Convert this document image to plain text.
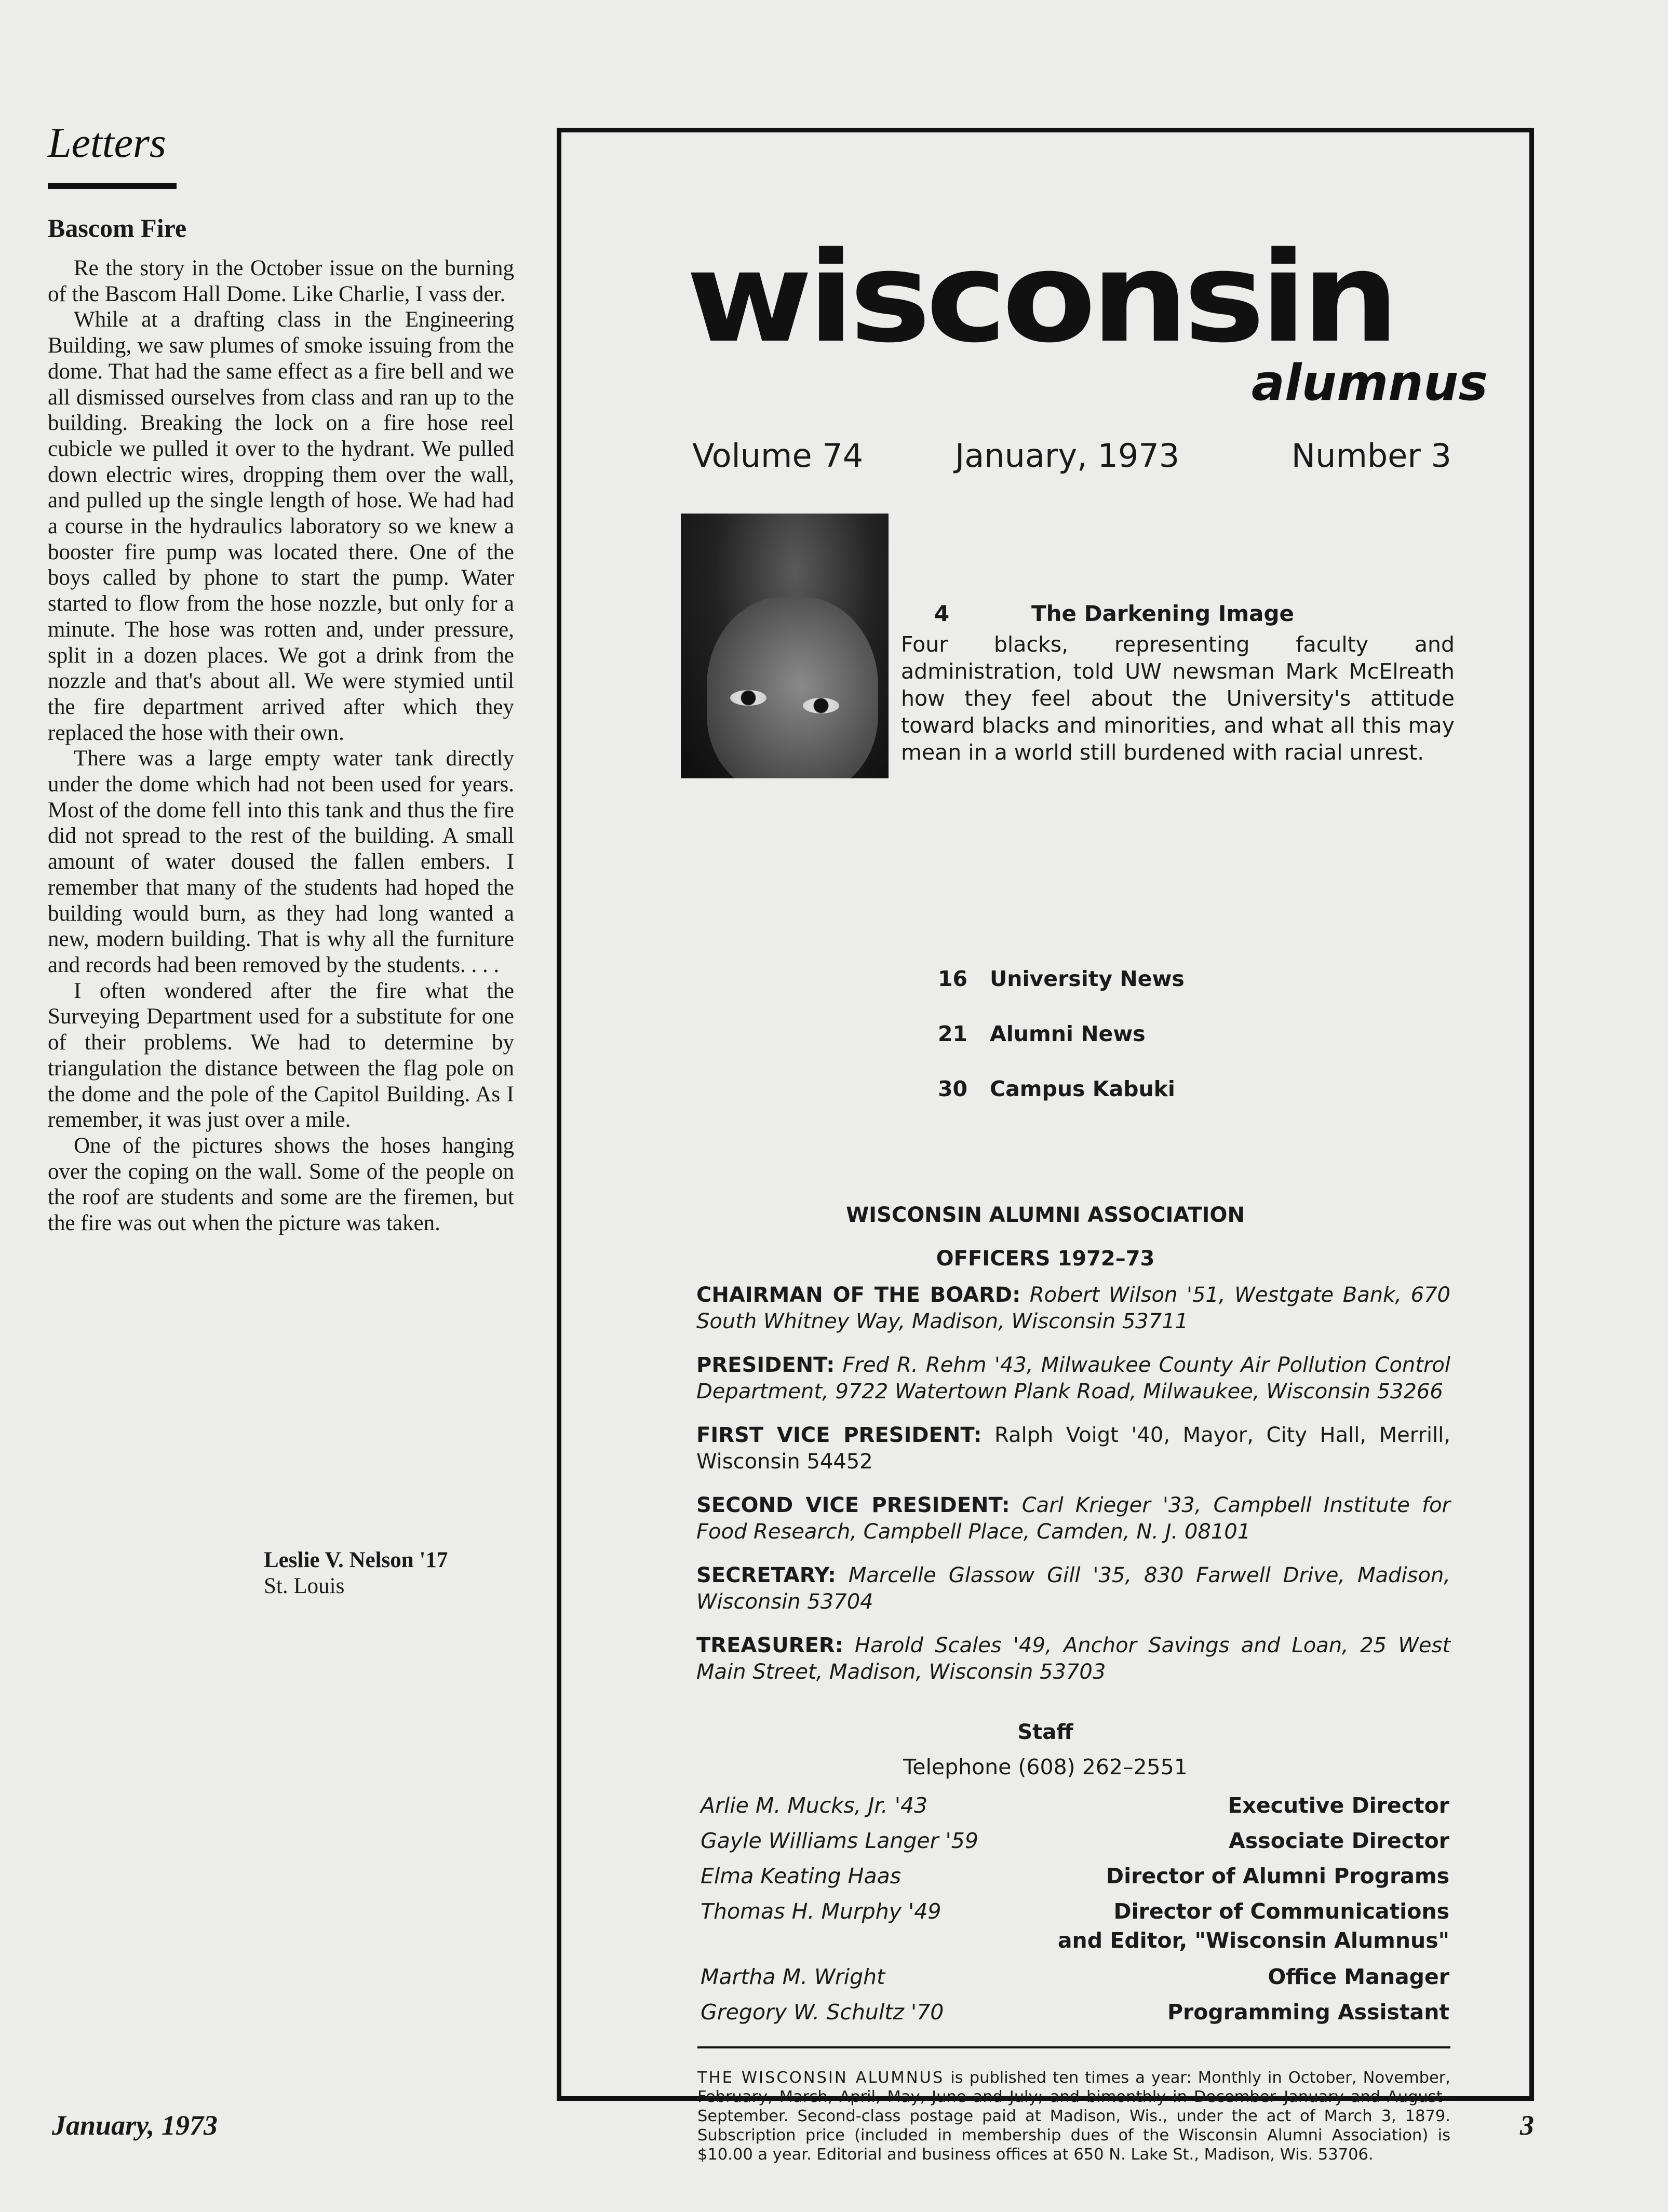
Letters
Bascom Fire

Re the story in the October issue on the burning of the Bascom Hall Dome. Like Charlie, I vass der.

While at a drafting class in the Engineering Building, we saw plumes of smoke issuing from the dome. That had the same effect as a fire bell and we all dismissed ourselves from class and ran up to the building. Breaking the lock on a fire hose reel cubicle we pulled it over to the hydrant. We pulled down electric wires, dropping them over the wall, and pulled up the single length of hose. We had had a course in the hydraulics laboratory so we knew a booster fire pump was located there. One of the boys called by phone to start the pump. Water started to flow from the hose nozzle, but only for a minute. The hose was rotten and, under pressure, split in a dozen places. We got a drink from the nozzle and that's about all. We were stymied until the fire department arrived after which they replaced the hose with their own.

There was a large empty water tank directly under the dome which had not been used for years. Most of the dome fell into this tank and thus the fire did not spread to the rest of the building. A small amount of water doused the fallen embers. I remember that many of the students had hoped the building would burn, as they had long wanted a new, modern building. That is why all the furniture and records had been removed by the students. . . .

I often wondered after the fire what the Surveying Department used for a substitute for one of their problems. We had to determine by triangulation the distance between the flag pole on the dome and the pole of the Capitol Building. As I remember, it was just over a mile.

One of the pictures shows the hoses hanging over the coping on the wall. Some of the people on the roof are students and some are the firemen, but the fire was out when the picture was taken.

Leslie V. Nelson '17
St. Louis
wisconsin
alumnus
Volume 74	January, 1973	Number 3
4	The Darkening Image

Four blacks, representing faculty and administration, told UW newsman Mark McElreath how they feel about the University's attitude toward blacks and minorities, and what all this may mean in a world still burdened with racial unrest.

16 University News
21 Alumni News
30 Campus Kabuki
WISCONSIN ALUMNI ASSOCIATION
OFFICERS 1972–73

CHAIRMAN OF THE BOARD: Robert Wilson '51, Westgate Bank, 670 South Whitney Way, Madison, Wisconsin 53711

PRESIDENT: Fred R. Rehm '43, Milwaukee County Air Pollution Control Department, 9722 Watertown Plank Road, Milwaukee, Wisconsin 53266

FIRST VICE PRESIDENT: Ralph Voigt '40, Mayor, City Hall, Merrill, Wisconsin 54452

SECOND VICE PRESIDENT: Carl Krieger '33, Campbell Institute for Food Research, Campbell Place, Camden, N. J. 08101

SECRETARY: Marcelle Glassow Gill '35, 830 Farwell Drive, Madison, Wisconsin 53704

TREASURER: Harold Scales '49, Anchor Savings and Loan, 25 West Main Street, Madison, Wisconsin 53703

Staff
Telephone (608) 262–2551
Arlie M. Mucks, Jr. '43	Executive Director
Gayle Williams Langer '59	Associate Director
Elma Keating Haas	Director of Alumni Programs
Thomas H. Murphy '49	Director of Communications
and Editor, "Wisconsin Alumnus"
Martha M. Wright	Office Manager
Gregory W. Schultz '70	Programming Assistant

THE WISCONSIN ALUMNUS is published ten times a year: Monthly in October, November, February, March, April, May, June and July; and bimonthly in December–January and August–September. Second-class postage paid at Madison, Wis., under the act of March 3, 1879. Subscription price (included in membership dues of the Wisconsin Alumni Association) is $10.00 a year. Editorial and business offices at 650 N. Lake St., Madison, Wis. 53706.

January, 1973	3
